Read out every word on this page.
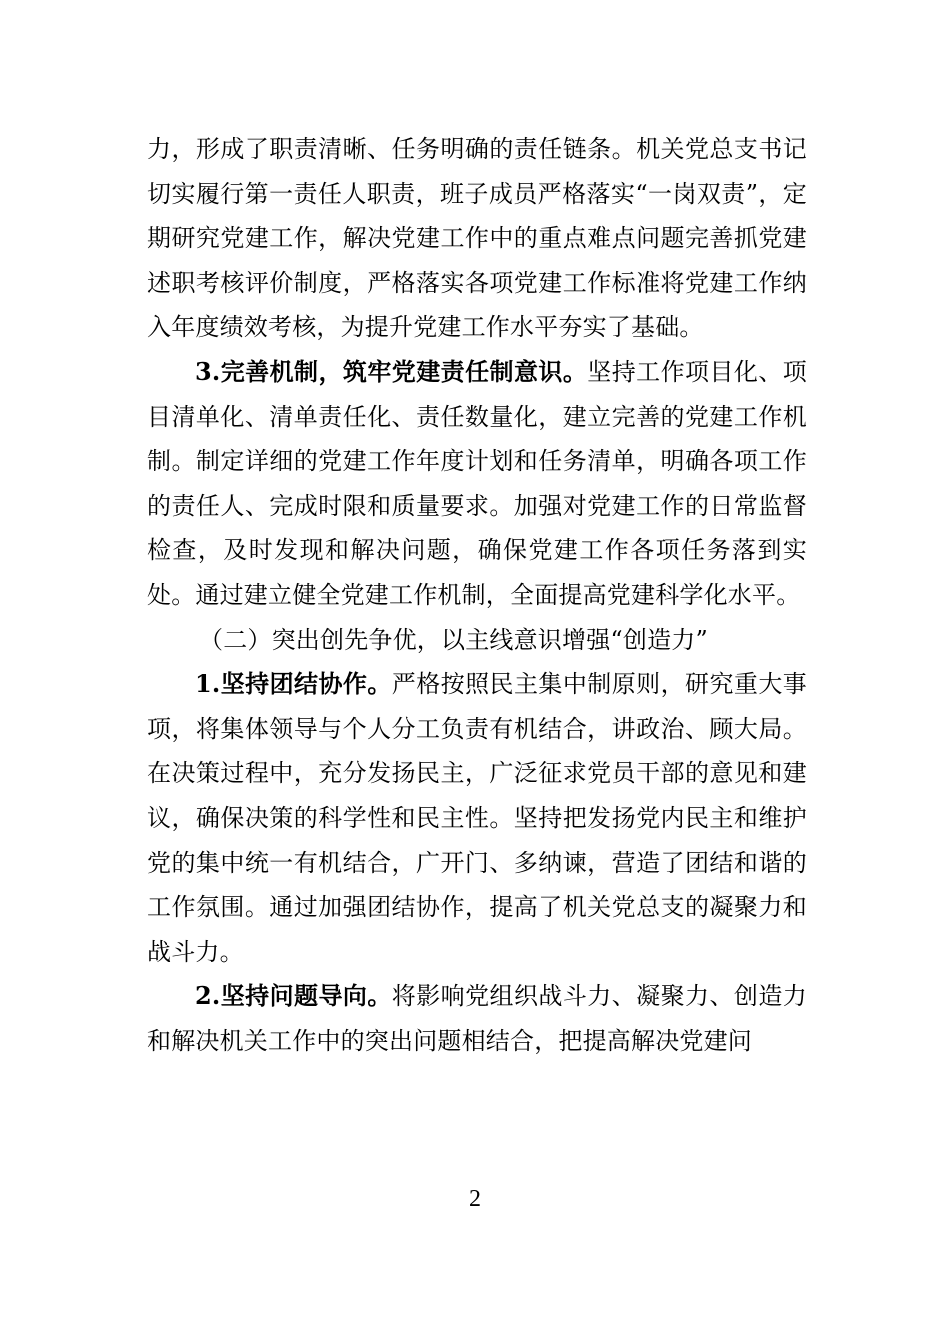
力，形成了职责清晰、任务明确的责任链条。机关党总支书记切实履行第一责任人职责，班子成员严格落实“一岗双责”，定期研究党建工作，解决党建工作中的重点难点问题完善抓党建述职考核评价制度，严格落实各项党建工作标准将党建工作纳入年度绩效考核，为提升党建工作水平夯实了基础。

3.完善机制，筑牢党建责任制意识。坚持工作项目化、项目清单化、清单责任化、责任数量化，建立完善的党建工作机制。制定详细的党建工作年度计划和任务清单，明确各项工作的责任人、完成时限和质量要求。加强对党建工作的日常监督检查，及时发现和解决问题，确保党建工作各项任务落到实处。通过建立健全党建工作机制，全面提高党建科学化水平。

（二）突出创先争优，以主线意识增强“创造力”

1.坚持团结协作。严格按照民主集中制原则，研究重大事项，将集体领导与个人分工负责有机结合，讲政治、顾大局。在决策过程中，充分发扬民主，广泛征求党员干部的意见和建议，确保决策的科学性和民主性。坚持把发扬党内民主和维护党的集中统一有机结合，广开门、多纳谏，营造了团结和谐的工作氛围。通过加强团结协作，提高了机关党总支的凝聚力和战斗力。

2.坚持问题导向。将影响党组织战斗力、凝聚力、创造力和解决机关工作中的突出问题相结合，把提高解决党建问

2
